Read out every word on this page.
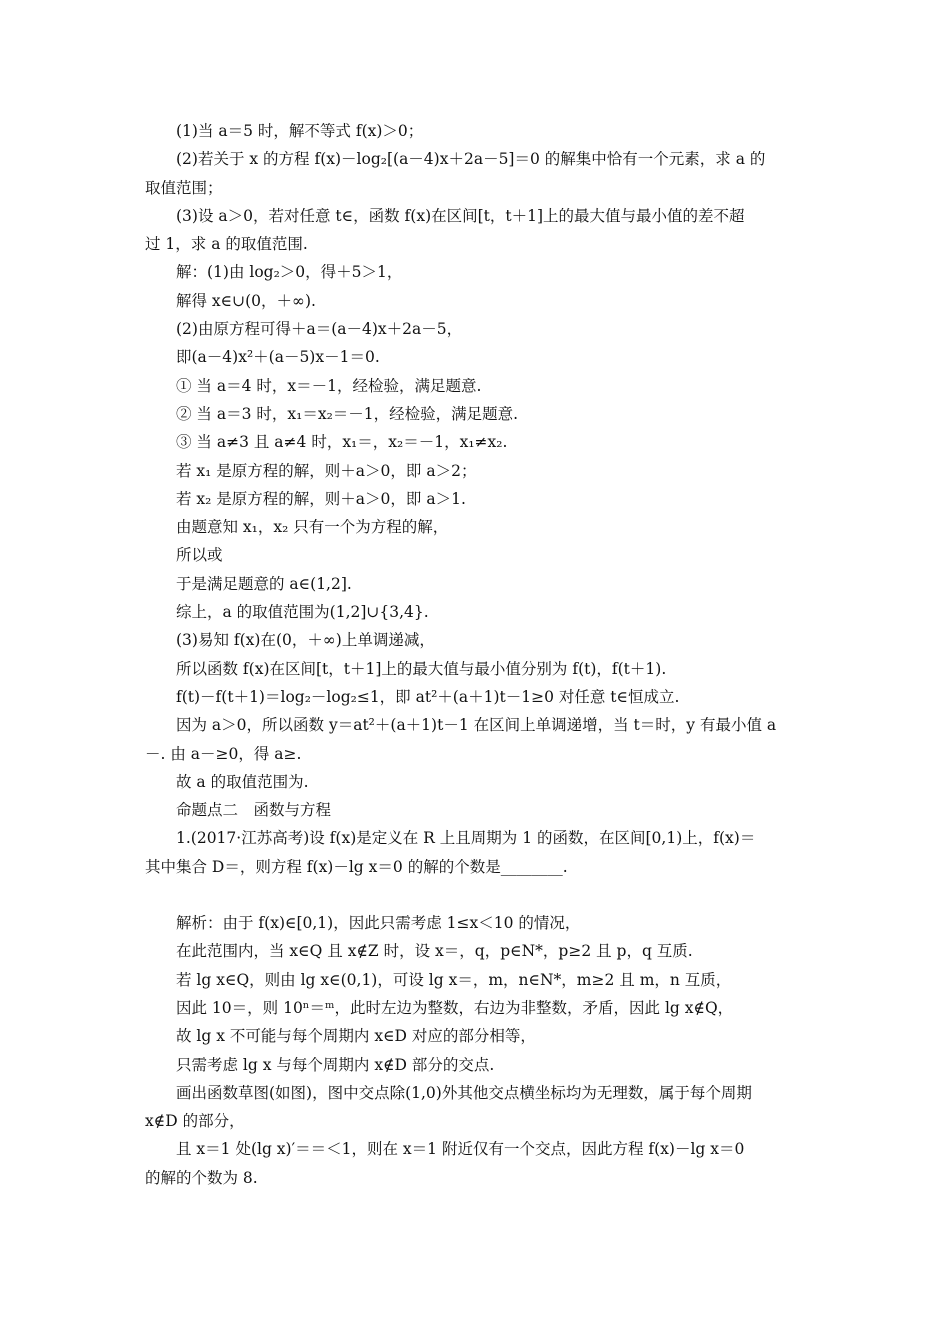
(1)当 a＝5 时，解不等式 f(x)＞0；
(2)若关于 x 的方程 f(x)－log₂[(a－4)x＋2a－5]＝0 的解集中恰有一个元素，求 a 的
取值范围；
(3)设 a＞0，若对任意 t∈，函数 f(x)在区间[t，t＋1]上的最大值与最小值的差不超
过 1，求 a 的取值范围.
解：(1)由 log₂＞0，得＋5＞1，
解得 x∈∪(0，＋∞).
(2)由原方程可得＋a＝(a－4)x＋2a－5，
即(a－4)x²＋(a－5)x－1＝0.
① 当 a＝4 时，x＝－1，经检验，满足题意.
② 当 a＝3 时，x₁＝x₂＝－1，经检验，满足题意.
③ 当 a≠3 且 a≠4 时，x₁＝，x₂＝－1，x₁≠x₂.
若 x₁ 是原方程的解，则＋a＞0，即 a＞2；
若 x₂ 是原方程的解，则＋a＞0，即 a＞1.
由题意知 x₁，x₂ 只有一个为方程的解，
所以或
于是满足题意的 a∈(1,2].
综上，a 的取值范围为(1,2]∪{3,4}.
(3)易知 f(x)在(0，＋∞)上单调递减，
所以函数 f(x)在区间[t，t＋1]上的最大值与最小值分别为 f(t)，f(t＋1).
f(t)－f(t＋1)＝log₂－log₂≤1，即 at²＋(a＋1)t－1≥0 对任意 t∈恒成立.
因为 a＞0，所以函数 y＝at²＋(a＋1)t－1 在区间上单调递增，当 t＝时，y 有最小值 a
－. 由 a－≥0，得 a≥.
故 a 的取值范围为.
命题点二　函数与方程
1.(2017·江苏高考)设 f(x)是定义在 R 上且周期为 1 的函数，在区间[0,1)上，f(x)＝
其中集合 D＝，则方程 f(x)－lg x＝0 的解的个数是________.
解析：由于 f(x)∈[0,1)，因此只需考虑 1≤x＜10 的情况，
在此范围内，当 x∈Q 且 x∉Z 时，设 x＝，q，p∈N*，p≥2 且 p，q 互质.
若 lg x∈Q，则由 lg x∈(0,1)，可设 lg x＝，m，n∈N*，m≥2 且 m，n 互质，
因此 10＝，则 10ⁿ＝ᵐ，此时左边为整数，右边为非整数，矛盾，因此 lg x∉Q，
故 lg x 不可能与每个周期内 x∈D 对应的部分相等，
只需考虑 lg x 与每个周期内 x∉D 部分的交点.
画出函数草图(如图)，图中交点除(1,0)外其他交点横坐标均为无理数，属于每个周期
x∉D 的部分，
且 x＝1 处(lg x)′＝＝＜1，则在 x＝1 附近仅有一个交点，因此方程 f(x)－lg x＝0
的解的个数为 8.
